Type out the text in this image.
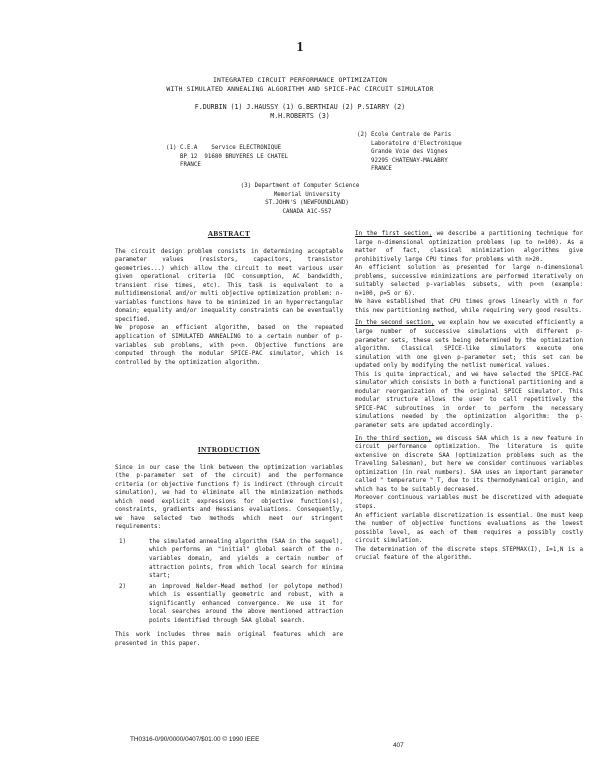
1
INTEGRATED CIRCUIT PERFORMANCE OPTIMIZATION
WITH SIMULATED ANNEALING ALGORITHM AND SPICE-PAC CIRCUIT SIMULATOR
F.DURBIN (1) J.HAUSSY (1) G.BERTHIAU (2) P.SIARRY (2)
M.H.ROBERTS (3)
(1) C.E.A    Service ELECTRONIQUE
BP 12  91680 BRUYERES LE CHATEL
FRANCE
(2) Ecole Centrale de Paris
Laboratoire d'Electronique
Grande Voie des Vignes
92295 CHATENAY-MALABRY
FRANCE
(3) Department of Computer Science
Memorial University
ST.JOHN'S (NEWFOUNDLAND)
CANADA A1C-5S7
ABSTRACT

The circuit design problem consists in determining acceptable parameter values (resistors, capacitors, transistor geometries...) which allow the circuit to meet various user given operational criteria (DC consumption, AC bandwidth, transient rise times, etc). This task is equivalent to a multidimensional and/or multi objective optimization problem: n-variables functions have to be minimized in an hyperrectangular domain; equality and/or inequality constraints can be eventually specified.

We propose an efficient algorithm, based on the repeated application of SIMULATED ANNEALING to a certain number of p-variables sub problems, with p<<n. Objective functions are computed through the modular SPICE-PAC simulator, which is controlled by the optimization algorithm.

INTRODUCTION

Since in our case the link between the optimization variables (the p-parameter set of the circuit) and the performance criteria (or objective functions f) is indirect (through circuit simulation), we had to eliminate all the minimization methods which need explicit expressions for objective function(s), constraints, gradients and Hessians evaluations. Consequently, we have selected two methods which meet our stringent requirements:

1)	the simulated annealing algorithm (SAA in the sequel), which performs an "initial" global search of the n-variables domain, and yields a certain number of attraction points, from which local search for minima start;
2)	an improved Nelder-Mead method (or polytope method) which is essentially geometric and robust, with a significantly enhanced convergence. We use it for local searches around the above mentioned attraction points identified through SAA global search.

This work includes three main original features which are presented in this paper.

In the first section, we describe a partitioning technique for large n-dimensional optimization problems (up to n=100). As a matter of fact, classical minimization algorithms give prohibitively large CPU times for problems with n>20.

An efficient solution as presented for large n-dimensional problems, successive minimizations are performed iteratively on suitably selected p-variables subsets, with p<<n (example: n=100, p=5 or 6).

We have established that CPU times grows linearly with n for this new partitioning method, while requiring very good results.

In the second section, we explain how we executed efficiently a large number of successive simulations with different p-parameter sets, these sets being determined by the optimization algorithm. Classical SPICE-like simulators execute one simulation with one given p-parameter set; this set can be updated only by modifying the netlist numerical values.

This is quite impractical, and we have selected the SPICE-PAC simulator which consists in both a functional partitioning and a modular reorganization of the original SPICE simulator. This modular structure allows the user to call repetitively the SPICE-PAC subroutines in order to perform the necessary simulations needed by the optimization algorithm: the p-parameter sets are updated accordingly.

In the third section, we discuss SAA which is a new feature in circuit performance optimization. The literature is quite extensive on discrete SAA (optimization problems such as the Traveling Salesman), but here we consider continuous variables optimization (in real numbers). SAA uses an important parameter called " temperature " T, due to its thermodynamical origin, and which has to be suitably decreased.

Moreover continuous variables must be discretized with adequate steps.

An efficient variable discretization is essential. One must keep the number of objective functions evaluations as the lowest possible level, as each of them requires a possibly costly circuit simulation.

The determination of the discrete steps STEPMAX(I), I=1,N is a crucial feature of the algorithm.

TH0316-0/90/0000/0407/$01.00 © 1990 IEEE
407
